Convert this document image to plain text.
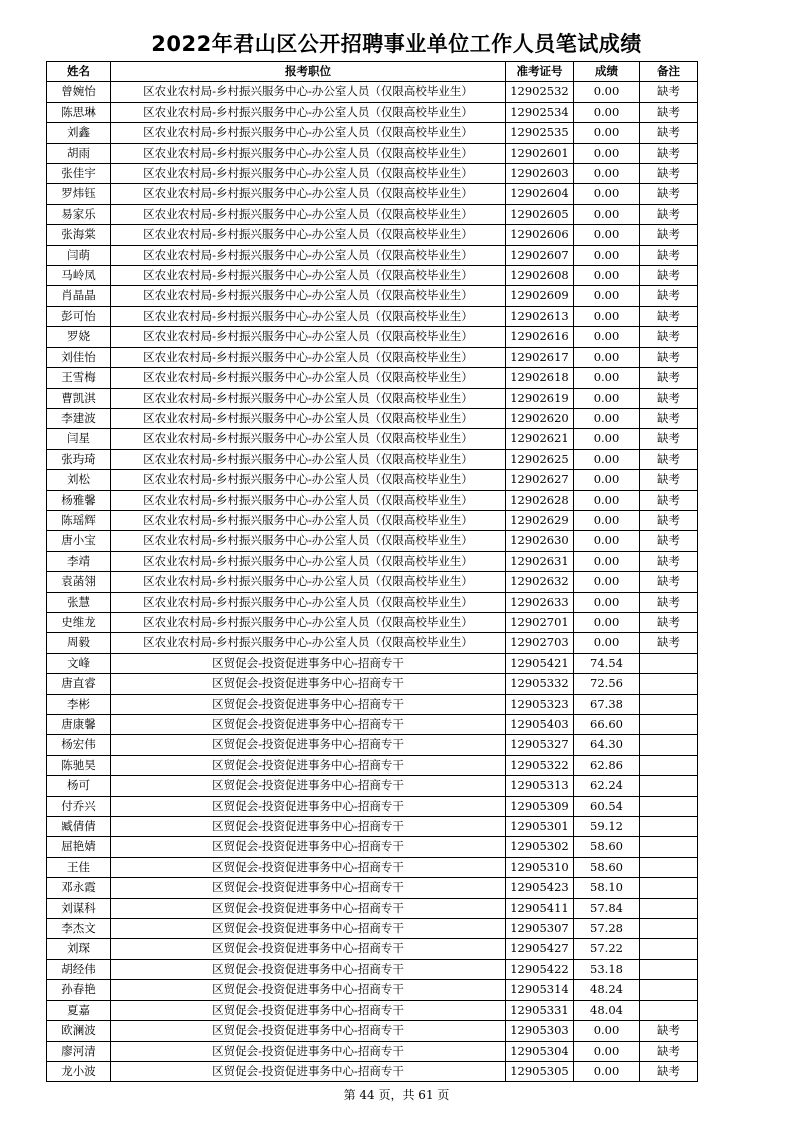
2022年君山区公开招聘事业单位工作人员笔试成绩
姓名	报考职位	准考证号	成绩	备注
曾婉怡	区农业农村局-乡村振兴服务中心-办公室人员（仅限高校毕业生）	12902532	0.00	缺考
陈思琳	区农业农村局-乡村振兴服务中心-办公室人员（仅限高校毕业生）	12902534	0.00	缺考
刘鑫	区农业农村局-乡村振兴服务中心-办公室人员（仅限高校毕业生）	12902535	0.00	缺考
胡雨	区农业农村局-乡村振兴服务中心-办公室人员（仅限高校毕业生）	12902601	0.00	缺考
张佳宇	区农业农村局-乡村振兴服务中心-办公室人员（仅限高校毕业生）	12902603	0.00	缺考
罗炜钰	区农业农村局-乡村振兴服务中心-办公室人员（仅限高校毕业生）	12902604	0.00	缺考
易家乐	区农业农村局-乡村振兴服务中心-办公室人员（仅限高校毕业生）	12902605	0.00	缺考
张海棠	区农业农村局-乡村振兴服务中心-办公室人员（仅限高校毕业生）	12902606	0.00	缺考
闫萌	区农业农村局-乡村振兴服务中心-办公室人员（仅限高校毕业生）	12902607	0.00	缺考
马岭凤	区农业农村局-乡村振兴服务中心-办公室人员（仅限高校毕业生）	12902608	0.00	缺考
肖晶晶	区农业农村局-乡村振兴服务中心-办公室人员（仅限高校毕业生）	12902609	0.00	缺考
彭可怡	区农业农村局-乡村振兴服务中心-办公室人员（仅限高校毕业生）	12902613	0.00	缺考
罗娆	区农业农村局-乡村振兴服务中心-办公室人员（仅限高校毕业生）	12902616	0.00	缺考
刘佳怡	区农业农村局-乡村振兴服务中心-办公室人员（仅限高校毕业生）	12902617	0.00	缺考
王雪梅	区农业农村局-乡村振兴服务中心-办公室人员（仅限高校毕业生）	12902618	0.00	缺考
曹凯淇	区农业农村局-乡村振兴服务中心-办公室人员（仅限高校毕业生）	12902619	0.00	缺考
李建波	区农业农村局-乡村振兴服务中心-办公室人员（仅限高校毕业生）	12902620	0.00	缺考
闫星	区农业农村局-乡村振兴服务中心-办公室人员（仅限高校毕业生）	12902621	0.00	缺考
张玙琦	区农业农村局-乡村振兴服务中心-办公室人员（仅限高校毕业生）	12902625	0.00	缺考
刘松	区农业农村局-乡村振兴服务中心-办公室人员（仅限高校毕业生）	12902627	0.00	缺考
杨雅馨	区农业农村局-乡村振兴服务中心-办公室人员（仅限高校毕业生）	12902628	0.00	缺考
陈瑶辉	区农业农村局-乡村振兴服务中心-办公室人员（仅限高校毕业生）	12902629	0.00	缺考
唐小宝	区农业农村局-乡村振兴服务中心-办公室人员（仅限高校毕业生）	12902630	0.00	缺考
李靖	区农业农村局-乡村振兴服务中心-办公室人员（仅限高校毕业生）	12902631	0.00	缺考
袁菡翎	区农业农村局-乡村振兴服务中心-办公室人员（仅限高校毕业生）	12902632	0.00	缺考
张慧	区农业农村局-乡村振兴服务中心-办公室人员（仅限高校毕业生）	12902633	0.00	缺考
史维龙	区农业农村局-乡村振兴服务中心-办公室人员（仅限高校毕业生）	12902701	0.00	缺考
周毅	区农业农村局-乡村振兴服务中心-办公室人员（仅限高校毕业生）	12902703	0.00	缺考
文峰	区贸促会-投资促进事务中心-招商专干	12905421	74.54	
唐直睿	区贸促会-投资促进事务中心-招商专干	12905332	72.56	
李彬	区贸促会-投资促进事务中心-招商专干	12905323	67.38	
唐康馨	区贸促会-投资促进事务中心-招商专干	12905403	66.60	
杨宏伟	区贸促会-投资促进事务中心-招商专干	12905327	64.30	
陈驰昊	区贸促会-投资促进事务中心-招商专干	12905322	62.86	
杨可	区贸促会-投资促进事务中心-招商专干	12905313	62.24	
付乔兴	区贸促会-投资促进事务中心-招商专干	12905309	60.54	
臧倩倩	区贸促会-投资促进事务中心-招商专干	12905301	59.12	
屈艳婧	区贸促会-投资促进事务中心-招商专干	12905302	58.60	
王佳	区贸促会-投资促进事务中心-招商专干	12905310	58.60	
邓永霞	区贸促会-投资促进事务中心-招商专干	12905423	58.10	
刘谋科	区贸促会-投资促进事务中心-招商专干	12905411	57.84	
李杰文	区贸促会-投资促进事务中心-招商专干	12905307	57.28	
刘琛	区贸促会-投资促进事务中心-招商专干	12905427	57.22	
胡经伟	区贸促会-投资促进事务中心-招商专干	12905422	53.18	
孙春艳	区贸促会-投资促进事务中心-招商专干	12905314	48.24	
夏嘉	区贸促会-投资促进事务中心-招商专干	12905331	48.04	
欧澜波	区贸促会-投资促进事务中心-招商专干	12905303	0.00	缺考
廖河清	区贸促会-投资促进事务中心-招商专干	12905304	0.00	缺考
龙小波	区贸促会-投资促进事务中心-招商专干	12905305	0.00	缺考
第 44 页，共 61 页
